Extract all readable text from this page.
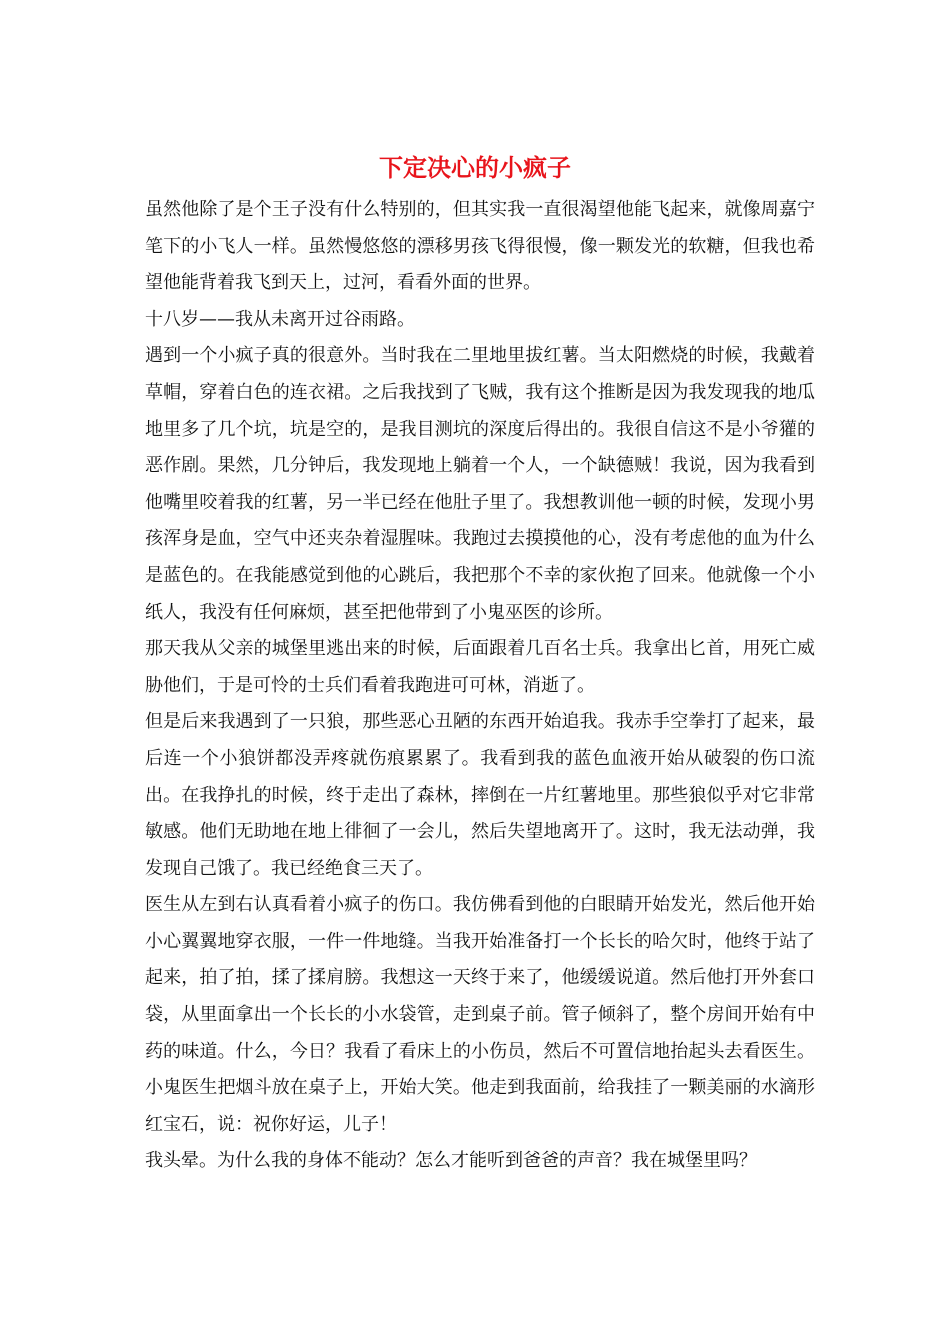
下定决心的小疯子

虽然他除了是个王子没有什么特别的，但其实我一直很渴望他能飞起来，就像周嘉宁笔下的小飞人一样。虽然慢悠悠的漂移男孩飞得很慢，像一颗发光的软糖，但我也希望他能背着我飞到天上，过河，看看外面的世界。

十八岁——我从未离开过谷雨路。

遇到一个小疯子真的很意外。当时我在二里地里拔红薯。当太阳燃烧的时候，我戴着草帽，穿着白色的连衣裙。之后我找到了飞贼，我有这个推断是因为我发现我的地瓜地里多了几个坑，坑是空的，是我目测坑的深度后得出的。我很自信这不是小爷獾的恶作剧。果然，几分钟后，我发现地上躺着一个人，一个缺德贼！我说，因为我看到他嘴里咬着我的红薯，另一半已经在他肚子里了。我想教训他一顿的时候，发现小男孩浑身是血，空气中还夹杂着湿腥味。我跑过去摸摸他的心，没有考虑他的血为什么是蓝色的。在我能感觉到他的心跳后，我把那个不幸的家伙抱了回来。他就像一个小纸人，我没有任何麻烦，甚至把他带到了小鬼巫医的诊所。

那天我从父亲的城堡里逃出来的时候，后面跟着几百名士兵。我拿出匕首，用死亡威胁他们，于是可怜的士兵们看着我跑进可可林，消逝了。

但是后来我遇到了一只狼，那些恶心丑陋的东西开始追我。我赤手空拳打了起来，最后连一个小狼饼都没弄疼就伤痕累累了。我看到我的蓝色血液开始从破裂的伤口流出。在我挣扎的时候，终于走出了森林，摔倒在一片红薯地里。那些狼似乎对它非常敏感。他们无助地在地上徘徊了一会儿，然后失望地离开了。这时，我无法动弹，我发现自己饿了。我已经绝食三天了。

医生从左到右认真看着小疯子的伤口。我仿佛看到他的白眼睛开始发光，然后他开始小心翼翼地穿衣服，一件一件地缝。当我开始准备打一个长长的哈欠时，他终于站了起来，拍了拍，揉了揉肩膀。我想这一天终于来了，他缓缓说道。然后他打开外套口袋，从里面拿出一个长长的小水袋管，走到桌子前。管子倾斜了，整个房间开始有中药的味道。什么，今日？我看了看床上的小伤员，然后不可置信地抬起头去看医生。小鬼医生把烟斗放在桌子上，开始大笑。他走到我面前，给我挂了一颗美丽的水滴形红宝石，说：祝你好运，儿子！

我头晕。为什么我的身体不能动？怎么才能听到爸爸的声音？我在城堡里吗？
